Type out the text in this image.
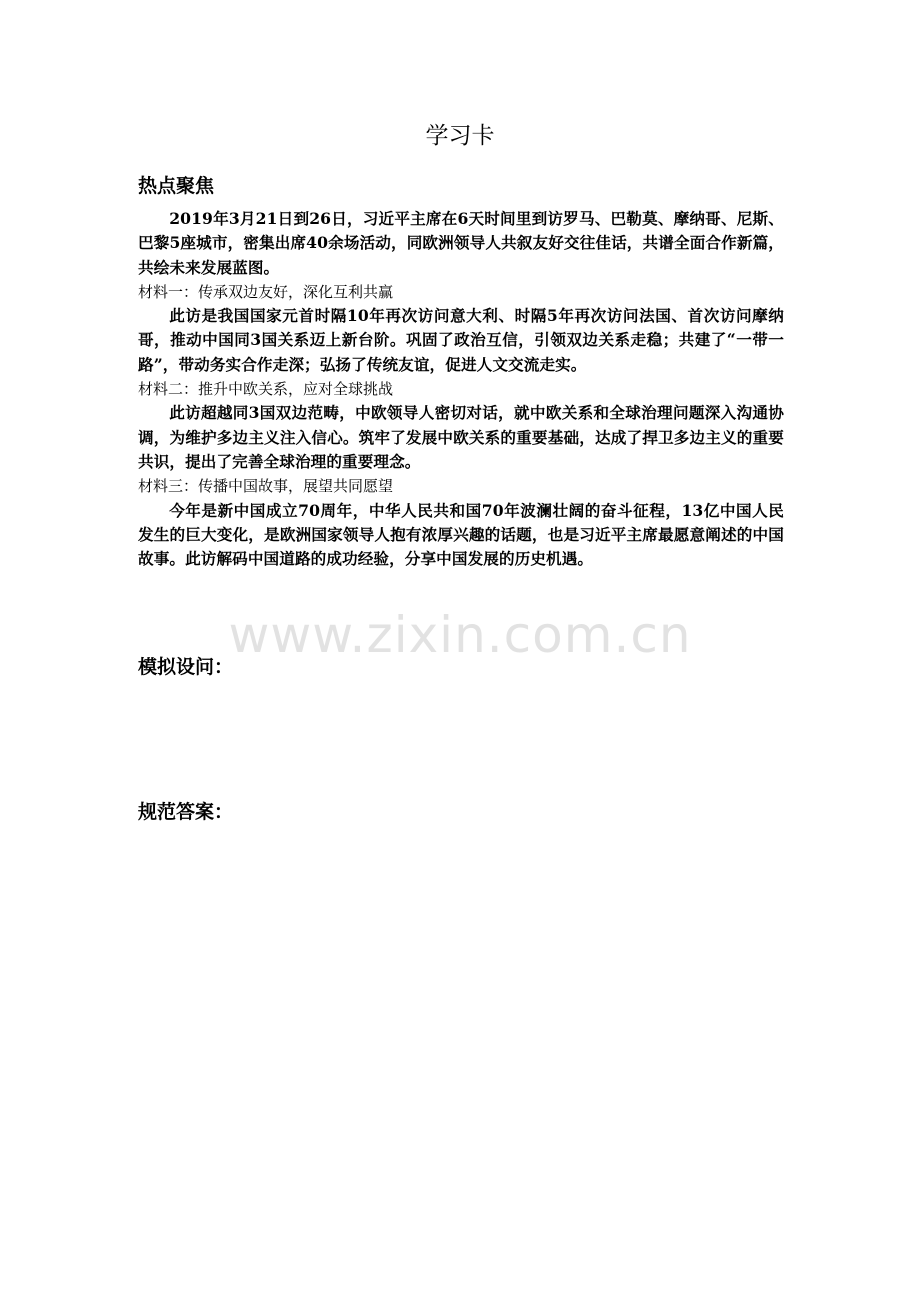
学习卡
热点聚焦

2019年3月21日到26日，习近平主席在6天时间里到访罗马、巴勒莫、摩纳哥、尼斯、巴黎5座城市，密集出席40余场活动，同欧洲领导人共叙友好交往佳话，共谱全面合作新篇，共绘未来发展蓝图。

材料一：传承双边友好，深化互利共赢

此访是我国国家元首时隔10年再次访问意大利、时隔5年再次访问法国、首次访问摩纳哥，推动中国同3国关系迈上新台阶。巩固了政治互信，引领双边关系走稳；共建了“一带一路”，带动务实合作走深；弘扬了传统友谊，促进人文交流走实。

材料二：推升中欧关系，应对全球挑战

此访超越同3国双边范畴，中欧领导人密切对话，就中欧关系和全球治理问题深入沟通协调，为维护多边主义注入信心。筑牢了发展中欧关系的重要基础，达成了捍卫多边主义的重要共识，提出了完善全球治理的重要理念。

材料三：传播中国故事，展望共同愿望

今年是新中国成立70周年，中华人民共和国70年波澜壮阔的奋斗征程，13亿中国人民发生的巨大变化，是欧洲国家领导人抱有浓厚兴趣的话题，也是习近平主席最愿意阐述的中国故事。此访解码中国道路的成功经验，分享中国发展的历史机遇。

www.zixin.com.cn
模拟设问：
规范答案：
